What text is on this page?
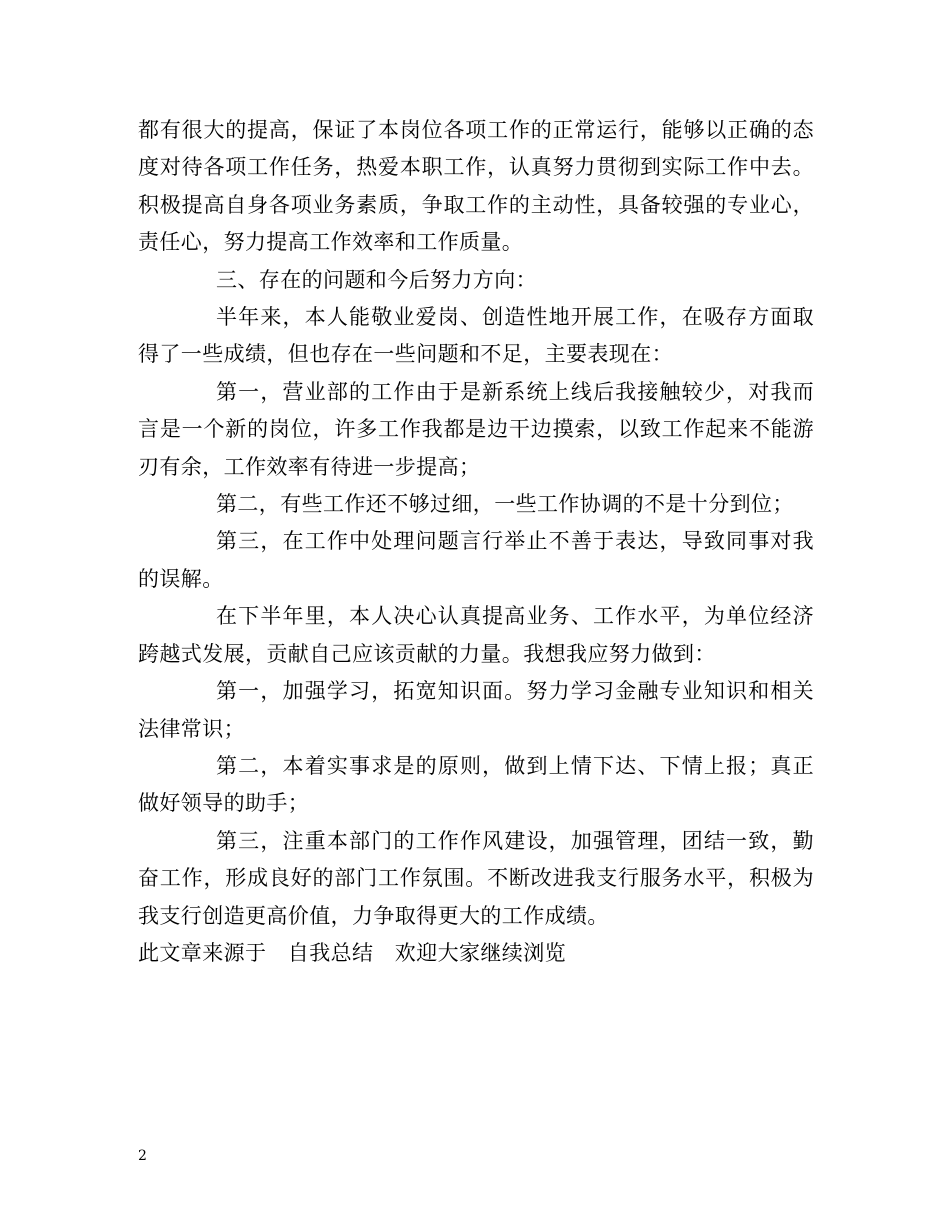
都有很大的提高，保证了本岗位各项工作的正常运行，能够以正确的态度对待各项工作任务，热爱本职工作，认真努力贯彻到实际工作中去。积极提高自身各项业务素质，争取工作的主动性，具备较强的专业心，责任心，努力提高工作效率和工作质量。

三、存在的问题和今后努力方向：

半年来，本人能敬业爱岗、创造性地开展工作，在吸存方面取得了一些成绩，但也存在一些问题和不足，主要表现在：

第一，营业部的工作由于是新系统上线后我接触较少，对我而言是一个新的岗位，许多工作我都是边干边摸索，以致工作起来不能游刃有余，工作效率有待进一步提高；

第二，有些工作还不够过细，一些工作协调的不是十分到位；

第三，在工作中处理问题言行举止不善于表达，导致同事对我的误解。

在下半年里，本人决心认真提高业务、工作水平，为单位经济跨越式发展，贡献自己应该贡献的力量。我想我应努力做到：

第一，加强学习，拓宽知识面。努力学习金融专业知识和相关法律常识；

第二，本着实事求是的原则，做到上情下达、下情上报；真正做好领导的助手；

第三，注重本部门的工作作风建设，加强管理，团结一致，勤奋工作，形成良好的部门工作氛围。不断改进我支行服务水平，积极为我支行创造更高价值，力争取得更大的工作成绩。

此文章来源于　自我总结　欢迎大家继续浏览

2
